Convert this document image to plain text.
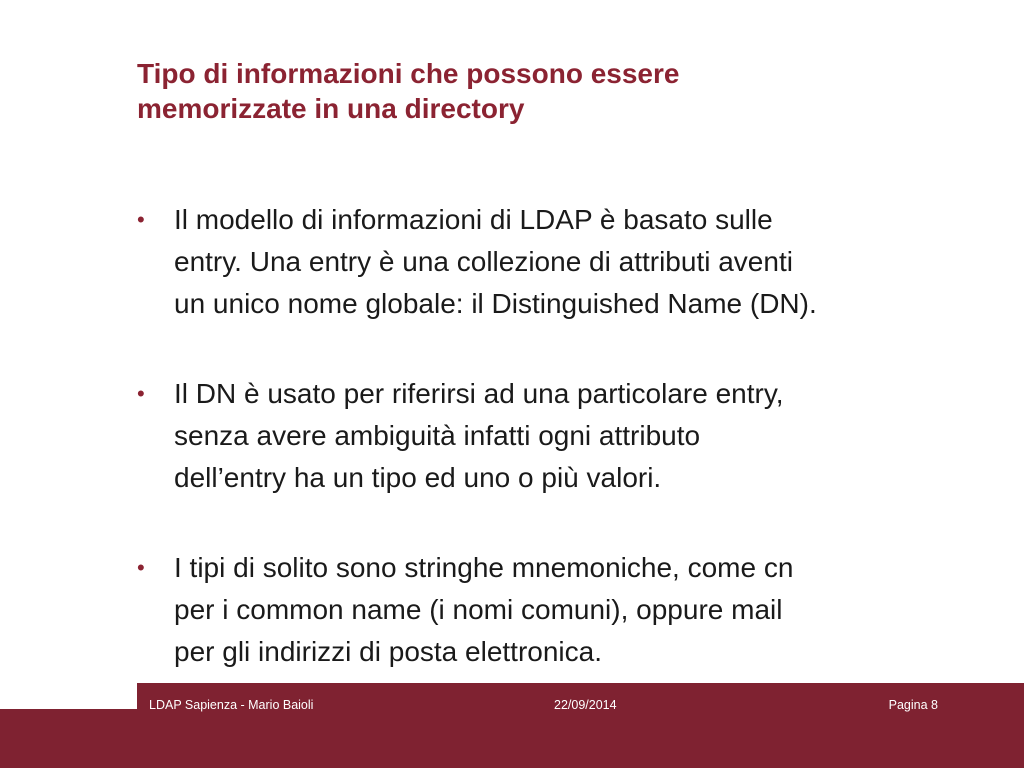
Tipo di informazioni che possono essere
memorizzate in una directory
•	Il modello di informazioni di LDAP è basato sulle
entry. Una entry è una collezione di attributi aventi
un unico nome globale: il Distinguished Name (DN).
•	Il DN è usato per riferirsi ad una particolare entry,
senza avere ambiguità infatti ogni attributo
dell’entry ha un tipo ed uno o più valori.
•	I tipi di solito sono stringhe mnemoniche, come cn
per i common name (i nomi comuni), oppure mail
per gli indirizzi di posta elettronica.
LDAP Sapienza - Mario Baioli	22/09/2014	Pagina 8
